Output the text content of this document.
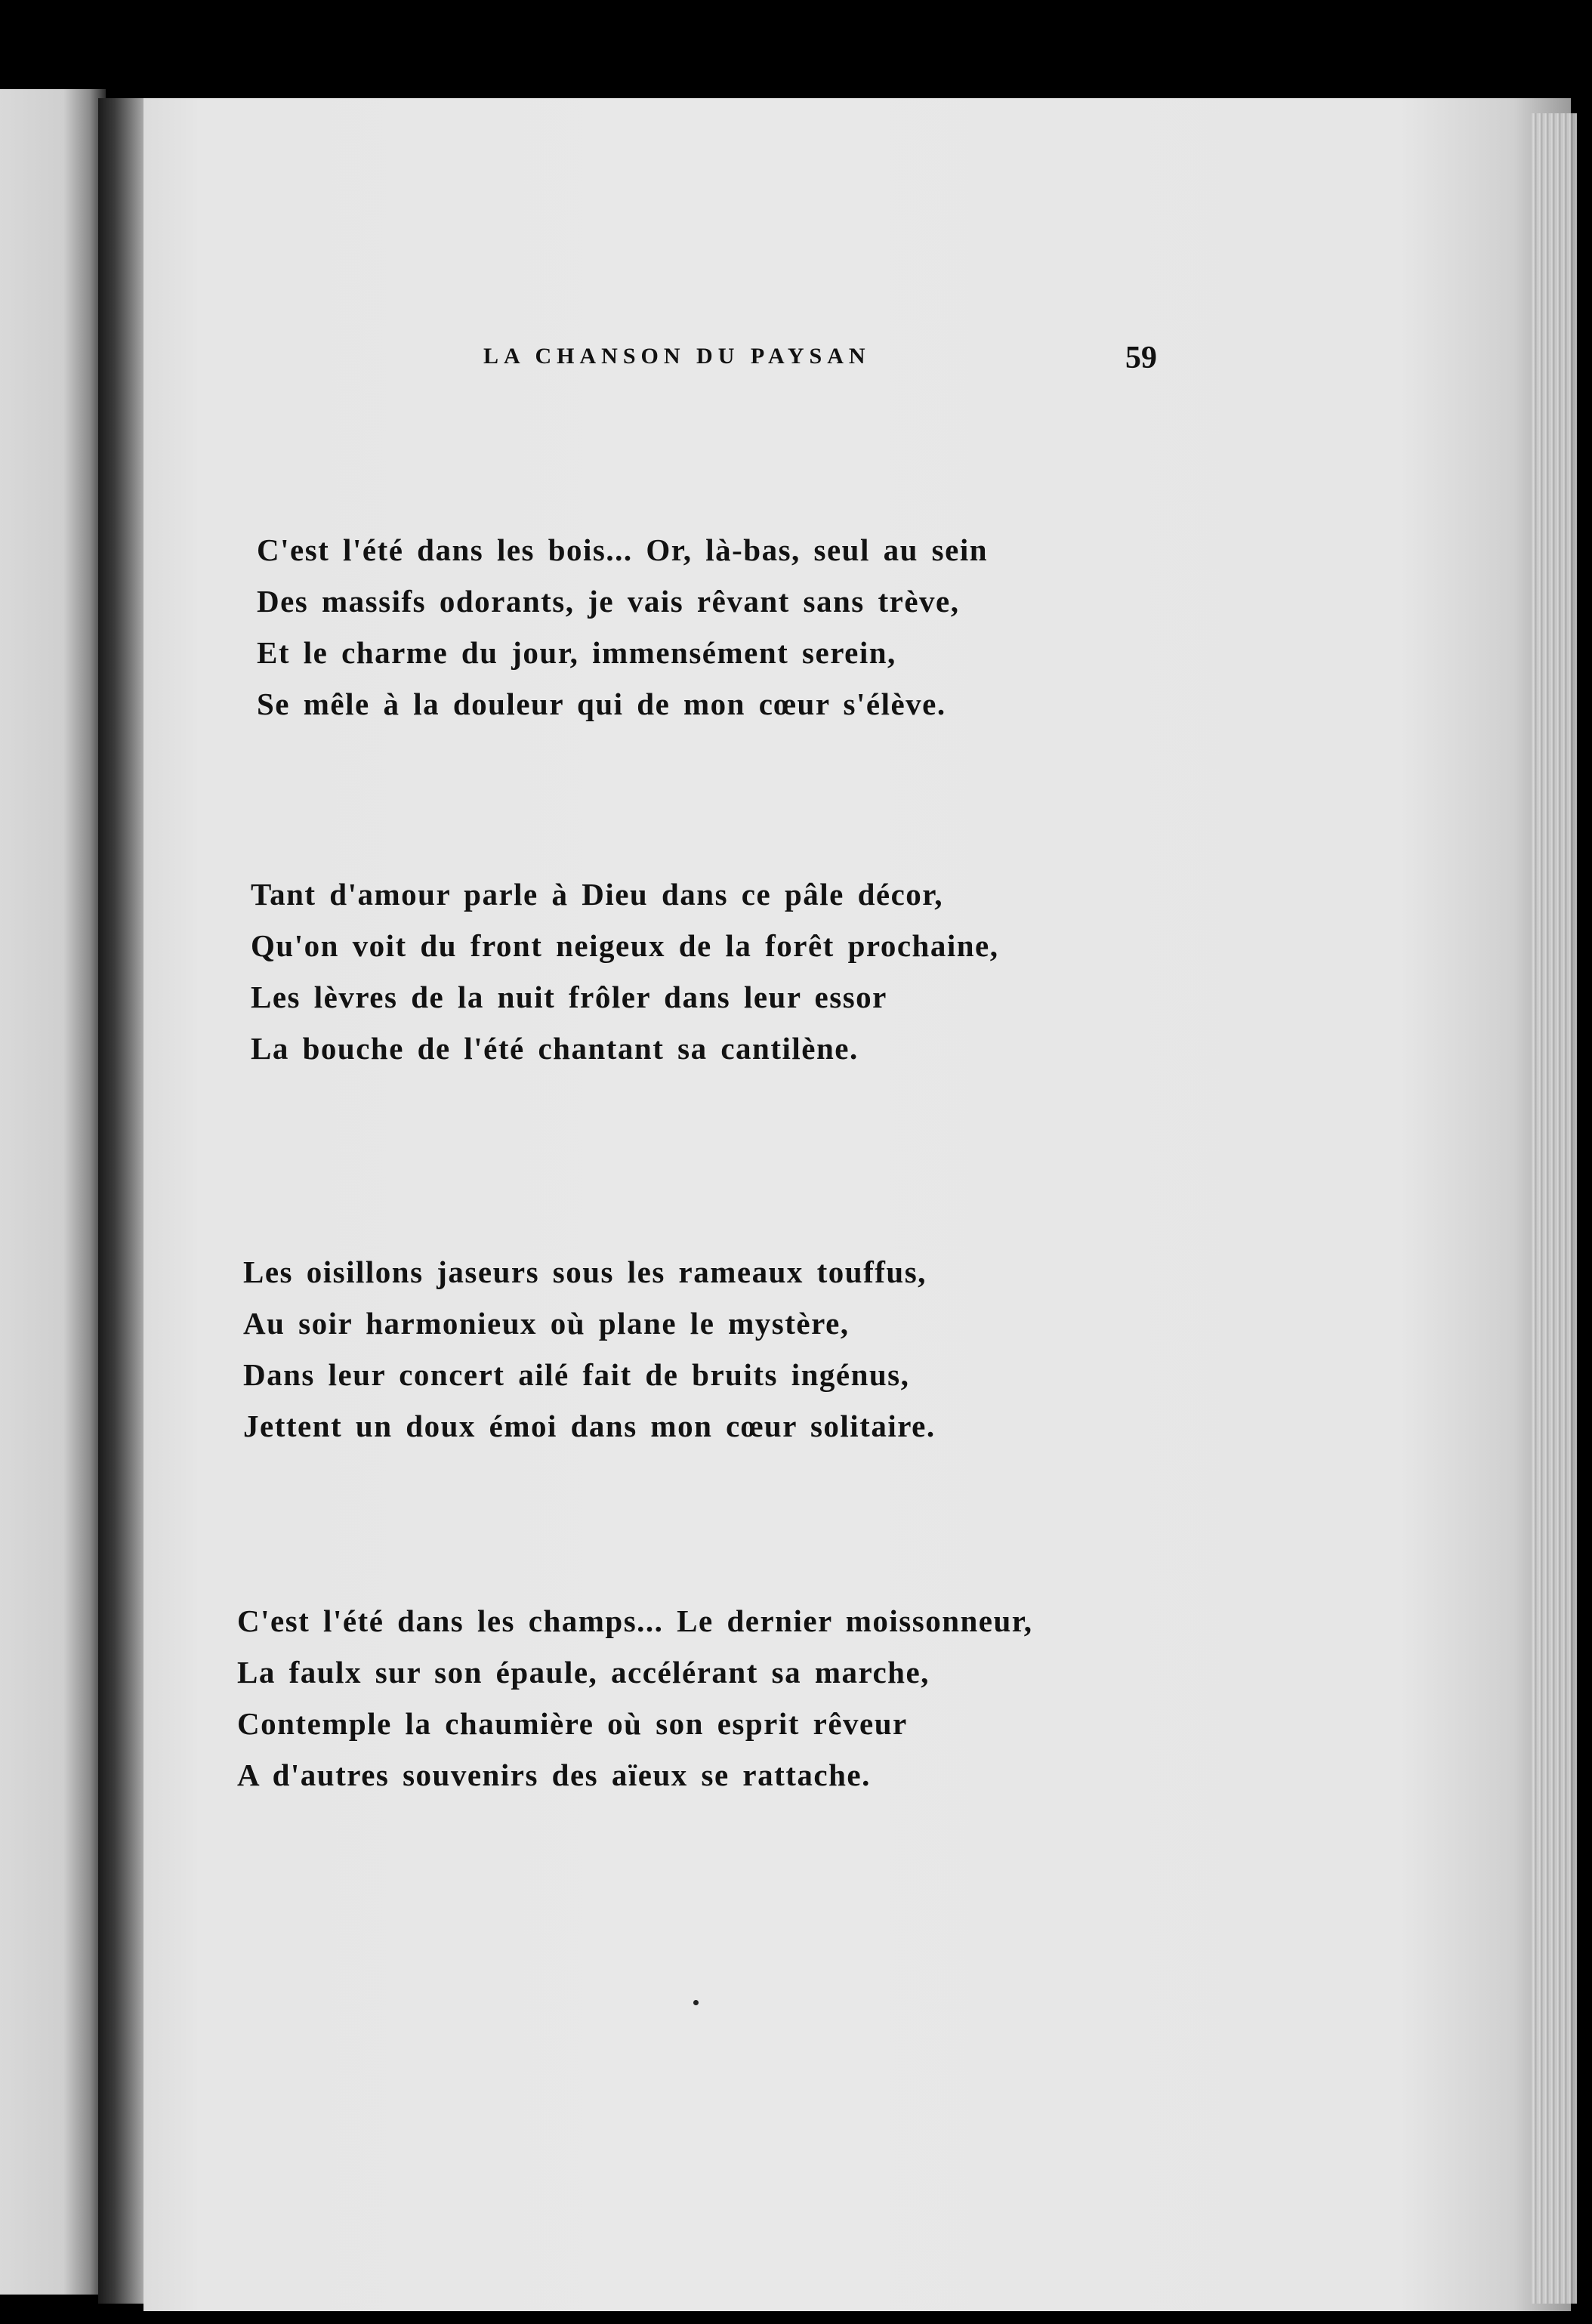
LA CHANSON DU PAYSAN	59
C'est l'été dans les bois... Or, là-bas, seul au sein
Des massifs odorants, je vais rêvant sans trève,
Et le charme du jour, immensément serein,
Se mêle à la douleur qui de mon cœur s'élève.
Tant d'amour parle à Dieu dans ce pâle décor,
Qu'on voit du front neigeux de la forêt prochaine,
Les lèvres de la nuit frôler dans leur essor
La bouche de l'été chantant sa cantilène.
Les oisillons jaseurs sous les rameaux touffus,
Au soir harmonieux où plane le mystère,
Dans leur concert ailé fait de bruits ingénus,
Jettent un doux émoi dans mon cœur solitaire.
C'est l'été dans les champs... Le dernier moissonneur,
La faulx sur son épaule, accélérant sa marche,
Contemple la chaumière où son esprit rêveur
A d'autres souvenirs des aïeux se rattache.
